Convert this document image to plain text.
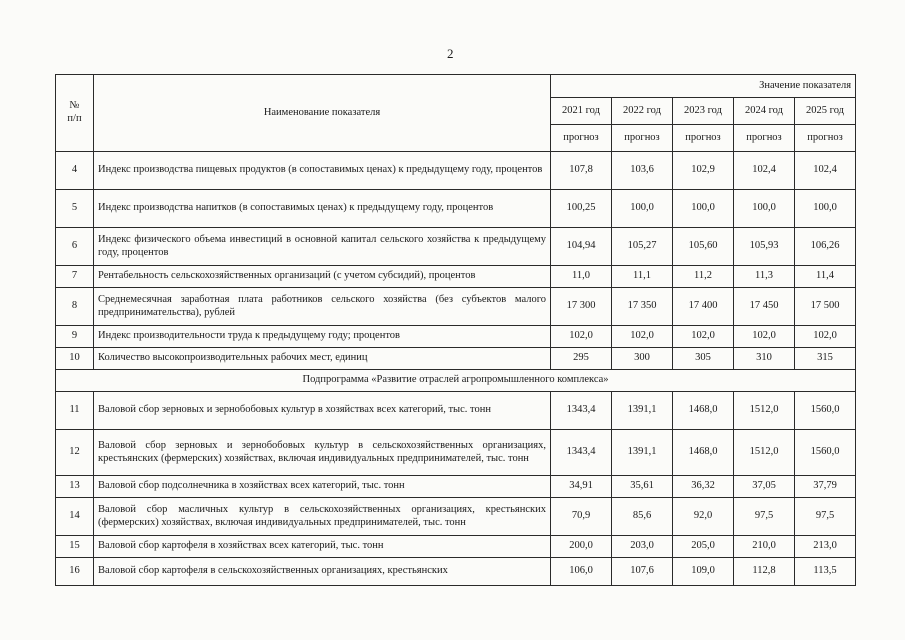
2
№
п/п	Наименование показателя	Значение показателя				
		2021 год	2022 год	2023 год	2024 год	2025 год
		прогноз	прогноз	прогноз	прогноз	прогноз
4	Индекс производства пищевых продуктов (в сопоставимых ценах) к предыдущему году, процентов	107,8	103,6	102,9	102,4	102,4
5	Индекс производства напитков (в сопоставимых ценах) к предыдущему году, процентов	100,25	100,0	100,0	100,0	100,0
6	Индекс физического объема инвестиций в основной капитал сельского хозяйства к предыдущему году, процентов	104,94	105,27	105,60	105,93	106,26
7	Рентабельность сельскохозяйственных организаций (с учетом субсидий), процентов	11,0	11,1	11,2	11,3	11,4
8	Среднемесячная заработная плата работников сельского хозяйства (без субъектов малого предпринимательства), рублей	17 300	17 350	17 400	17 450	17 500
9	Индекс производительности труда к предыдущему году; процентов	102,0	102,0	102,0	102,0	102,0
10	Количество высокопроизводительных рабочих мест, единиц	295	300	305	310	315
Подпрограмма «Развитие отраслей агропромышленного комплекса»						
11	Валовой сбор зерновых и зернобобовых культур в хозяйствах всех категорий, тыс. тонн	1343,4	1391,1	1468,0	1512,0	1560,0
12	Валовой сбор зерновых и зернобобовых культур в сельскохозяйственных организациях, крестьянских (фермерских) хозяйствах, включая индивидуальных предпринимателей, тыс. тонн	1343,4	1391,1	1468,0	1512,0	1560,0
13	Валовой сбор подсолнечника в хозяйствах всех категорий, тыс. тонн	34,91	35,61	36,32	37,05	37,79
14	Валовой сбор масличных культур в сельскохозяйственных организациях, крестьянских (фермерских) хозяйствах, включая индивидуальных предпринимателей, тыс. тонн	70,9	85,6	92,0	97,5	97,5
15	Валовой сбор картофеля в хозяйствах всех категорий, тыс. тонн	200,0	203,0	205,0	210,0	213,0
16	Валовой сбор картофеля в сельскохозяйственных организациях, крестьянских	106,0	107,6	109,0	112,8	113,5
